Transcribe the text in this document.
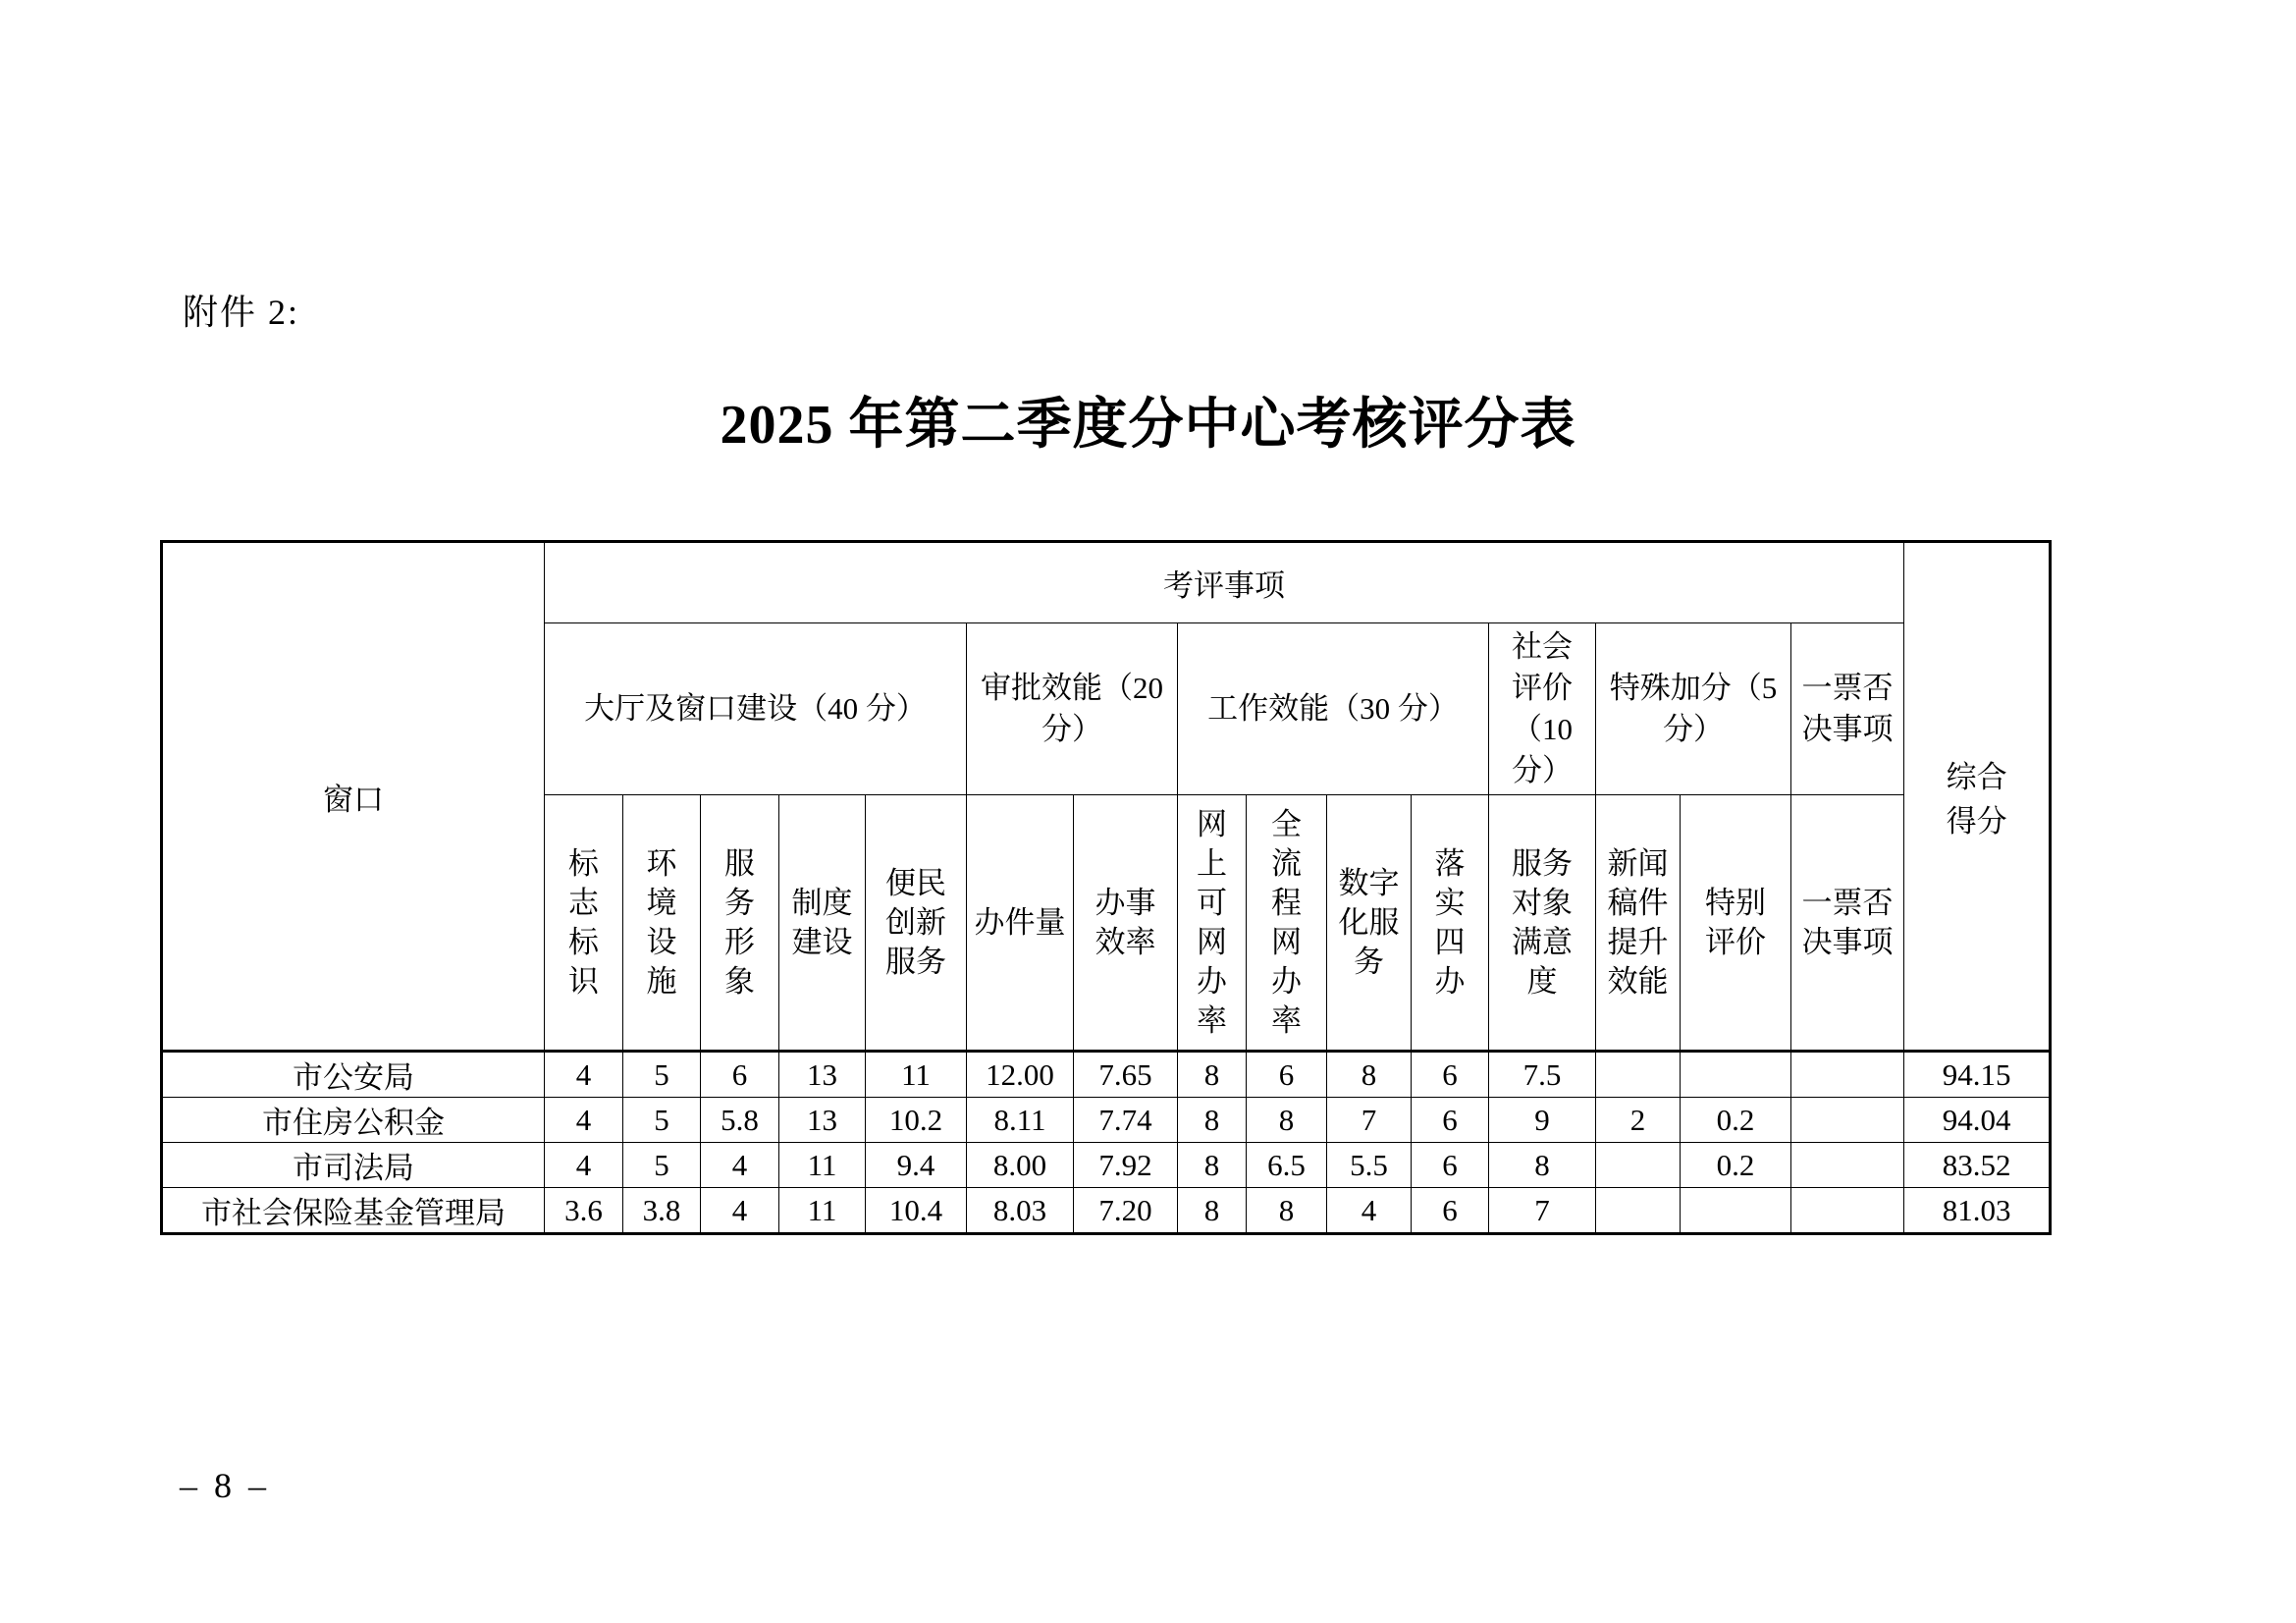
附件 2:
2025 年第二季度分中心考核评分表
窗口	考评事项															综合得分

	大厅及窗口建设（40 分）					审批效能（20 分）		工作效能（30 分）				社会评价（10 分）	特殊加分（5 分）		一票否决事项	

	标志标识	环境设施	服务形象	制度建设	便民创新服务	办件量	办事效率	网上可网办率	全流程网办率	数字化服务	落实四办	服务对象满意度	新闻稿件提升效能	特别评价	一票否决事项	

市公安局	4	5	6	13	11	12.00	7.65	8	6	8	6	7.5				94.15
市住房公积金	4	5	5.8	13	10.2	8.11	7.74	8	8	7	6	9	2	0.2		94.04
市司法局	4	5	4	11	9.4	8.00	7.92	8	6.5	5.5	6	8		0.2		83.52
市社会保险基金管理局	3.6	3.8	4	11	10.4	8.03	7.20	8	8	4	6	7				81.03
– 8 –
